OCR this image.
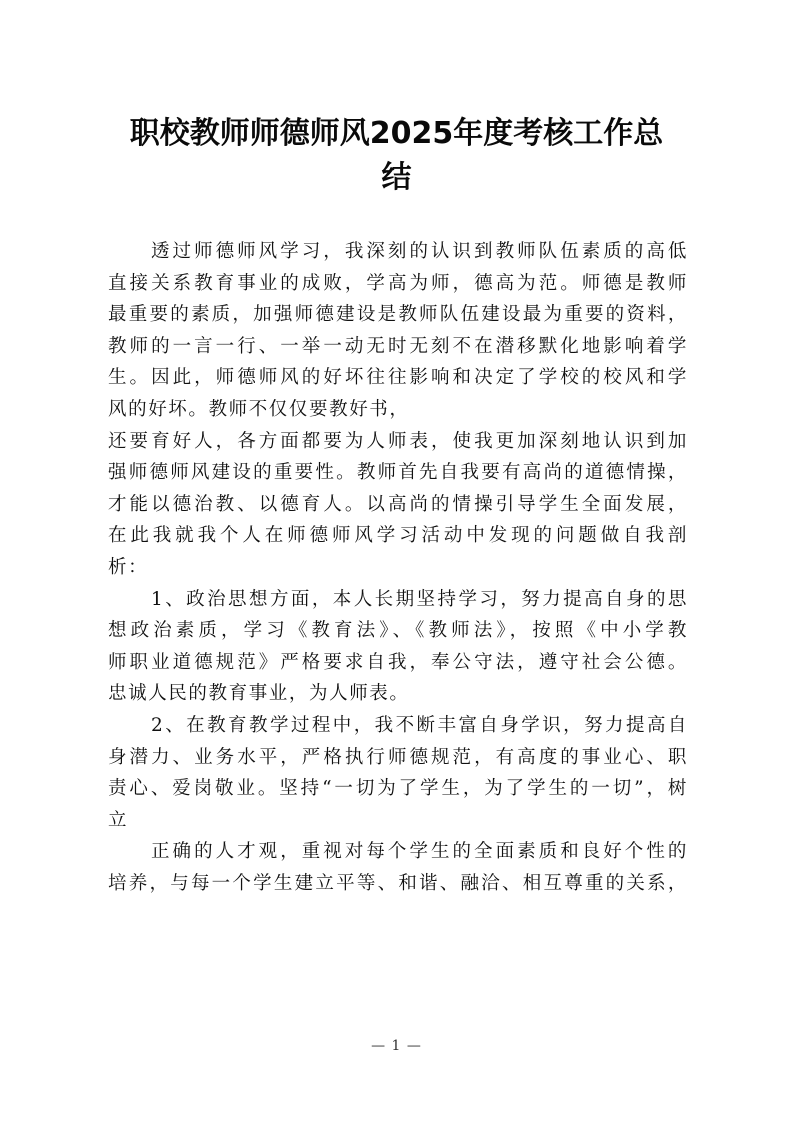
职校教师师德师风2025年度考核工作总
结
透过师德师风学习，我深刻的认识到教师队伍素质的高低
直接关系教育事业的成败，学高为师，德高为范。师德是教师
最重要的素质，加强师德建设是教师队伍建设最为重要的资料，
教师的一言一行、一举一动无时无刻不在潜移默化地影响着学
生。因此，师德师风的好坏往往影响和决定了学校的校风和学
风的好坏。教师不仅仅要教好书，
还要育好人，各方面都要为人师表，使我更加深刻地认识到加
强师德师风建设的重要性。教师首先自我要有高尚的道德情操，
才能以德治教、以德育人。以高尚的情操引导学生全面发展，
在此我就我个人在师德师风学习活动中发现的问题做自我剖
析：
1、政治思想方面，本人长期坚持学习，努力提高自身的思
想政治素质，学习《教育法》、《教师法》，按照《中小学教
师职业道德规范》严格要求自我，奉公守法，遵守社会公德。
忠诚人民的教育事业，为人师表。
2、在教育教学过程中，我不断丰富自身学识，努力提高自
身潜力、业务水平，严格执行师德规范，有高度的事业心、职
责心、爱岗敬业。坚持“一切为了学生，为了学生的一切”，树
立
正确的人才观，重视对每个学生的全面素质和良好个性的
培养，与每一个学生建立平等、和谐、融洽、相互尊重的关系，
— 1 —
